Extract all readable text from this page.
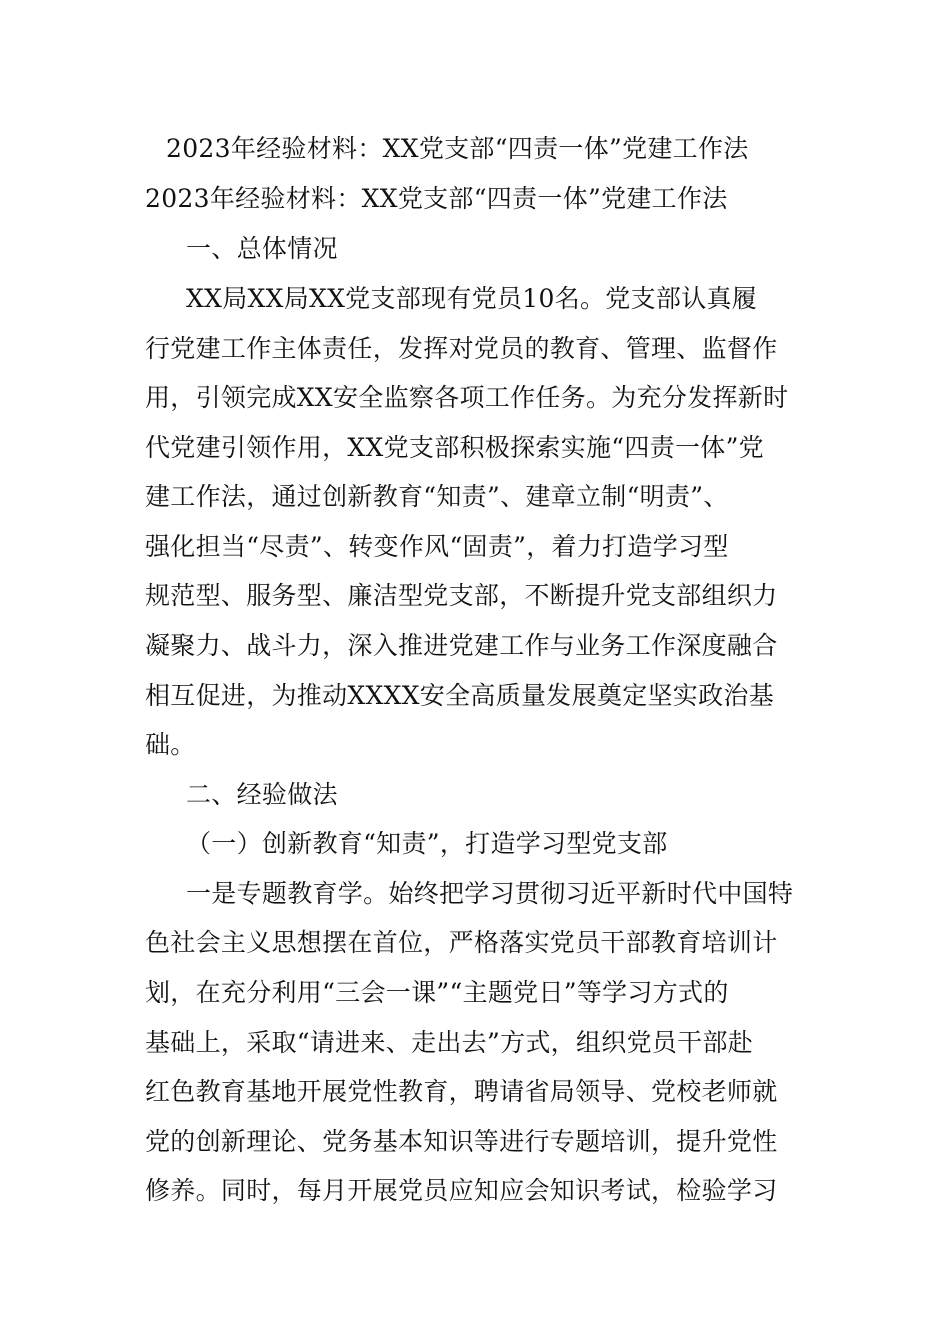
2023年经验材料：XX党支部“四责一体”党建工作法
2023年经验材料：XX党支部“四责一体”党建工作法
一、总体情况
XX局XX局XX党支部现有党员10名。党支部认真履
行党建工作主体责任，发挥对党员的教育、管理、监督作
用，引领完成XX安全监察各项工作任务。为充分发挥新时
代党建引领作用，XX党支部积极探索实施“四责一体”党
建工作法，通过创新教育“知责”、建章立制“明责”、
强化担当“尽责”、转变作风“固责”，着力打造学习型
规范型、服务型、廉洁型党支部，不断提升党支部组织力
凝聚力、战斗力，深入推进党建工作与业务工作深度融合
相互促进，为推动XXXX安全高质量发展奠定坚实政治基
础。
二、经验做法
（一）创新教育“知责”，打造学习型党支部
一是专题教育学。始终把学习贯彻习近平新时代中国特
色社会主义思想摆在首位，严格落实党员干部教育培训计
划，在充分利用“三会一课”“主题党日”等学习方式的
基础上，采取“请进来、走出去”方式，组织党员干部赴
红色教育基地开展党性教育，聘请省局领导、党校老师就
党的创新理论、党务基本知识等进行专题培训，提升党性
修养。同时，每月开展党员应知应会知识考试，检验学习
